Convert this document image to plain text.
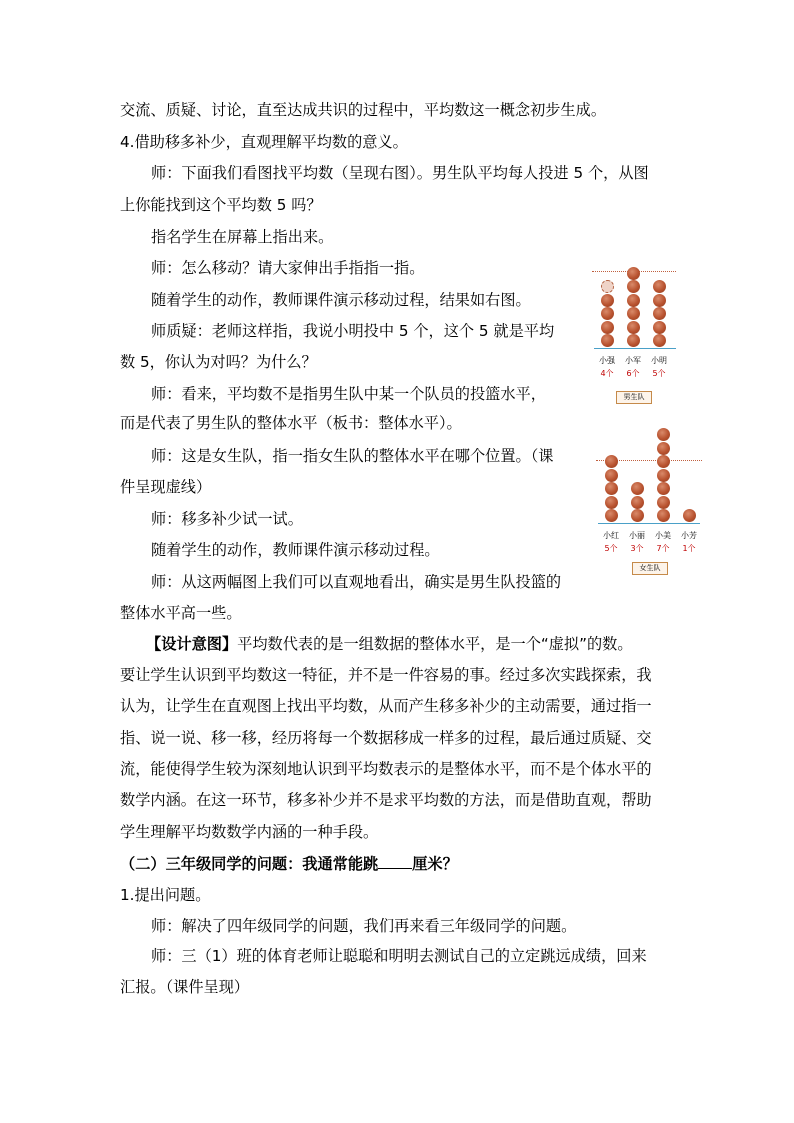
交流、质疑、讨论，直至达成共识的过程中，平均数这一概念初步生成。
4.借助移多补少，直观理解平均数的意义。
师：下面我们看图找平均数（呈现右图）。男生队平均每人投进 5 个，从图
上你能找到这个平均数 5 吗？
指名学生在屏幕上指出来。
师：怎么移动？请大家伸出手指指一指。
随着学生的动作，教师课件演示移动过程，结果如右图。
师质疑：老师这样指，我说小明投中 5 个，这个 5 就是平均
数 5，你认为对吗？为什么？
师：看来，平均数不是指男生队中某一个队员的投篮水平，
而是代表了男生队的整体水平（板书：整体水平）。
师：这是女生队，指一指女生队的整体水平在哪个位置。（课
件呈现虚线）
师：移多补少试一试。
随着学生的动作，教师课件演示移动过程。
师：从这两幅图上我们可以直观地看出，确实是男生队投篮的
整体水平高一些。
【设计意图】平均数代表的是一组数据的整体水平，是一个“虚拟”的数。
要让学生认识到平均数这一特征，并不是一件容易的事。经过多次实践探索，我
认为，让学生在直观图上找出平均数，从而产生移多补少的主动需要，通过指一
指、说一说、移一移，经历将每一个数据移成一样多的过程，最后通过质疑、交
流，能使得学生较为深刻地认识到平均数表示的是整体水平，而不是个体水平的
数学内涵。在这一环节，移多补少并不是求平均数的方法，而是借助直观，帮助
学生理解平均数数学内涵的一种手段。
（二）三年级同学的问题：我通常能跳 厘米？
1.提出问题。
师：解决了四年级同学的问题，我们再来看三年级同学的问题。
师：三（1）班的体育老师让聪聪和明明去测试自己的立定跳远成绩，回来
汇报。（课件呈现）
男生队
小强
4个
小军
6个
小明
5个
女生队
小红
5个
小丽
3个
小美
7个
小芳
1个
